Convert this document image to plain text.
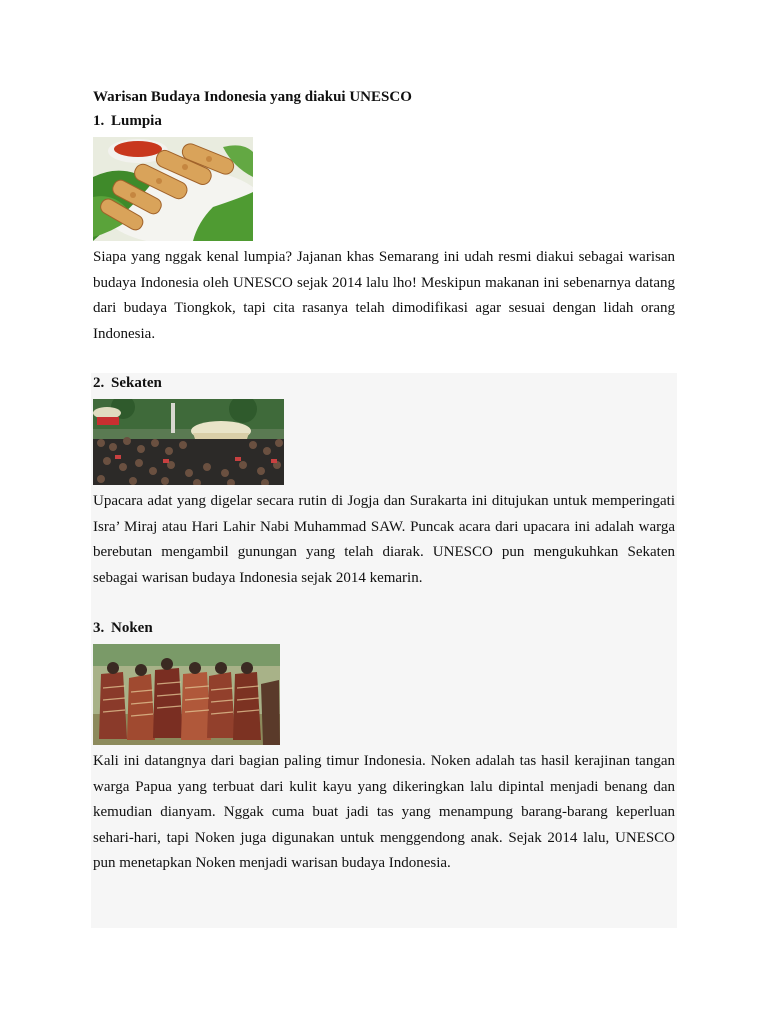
Warisan Budaya Indonesia yang diakui UNESCO
1. Lumpia
Siapa yang nggak kenal lumpia? Jajanan khas Semarang ini udah resmi diakui sebagai warisan budaya Indonesia oleh UNESCO sejak 2014 lalu lho! Meskipun makanan ini sebenarnya datang dari budaya Tiongkok, tapi cita rasanya telah dimodifikasi agar sesuai dengan lidah orang Indonesia.
2. Sekaten
Upacara adat yang digelar secara rutin di Jogja dan Surakarta ini ditujukan untuk memperingati Isra’ Miraj atau Hari Lahir Nabi Muhammad SAW. Puncak acara dari upacara ini adalah warga berebutan mengambil gunungan yang telah diarak. UNESCO pun mengukuhkan Sekaten sebagai warisan budaya Indonesia sejak 2014 kemarin.
3. Noken
Kali ini datangnya dari bagian paling timur Indonesia. Noken adalah tas hasil kerajinan tangan warga Papua yang terbuat dari kulit kayu yang dikeringkan lalu dipintal menjadi benang dan kemudian dianyam. Nggak cuma buat jadi tas yang menampung barang-barang keperluan sehari-hari, tapi Noken juga digunakan untuk menggendong anak. Sejak 2014 lalu, UNESCO pun menetapkan Noken menjadi warisan budaya Indonesia.
